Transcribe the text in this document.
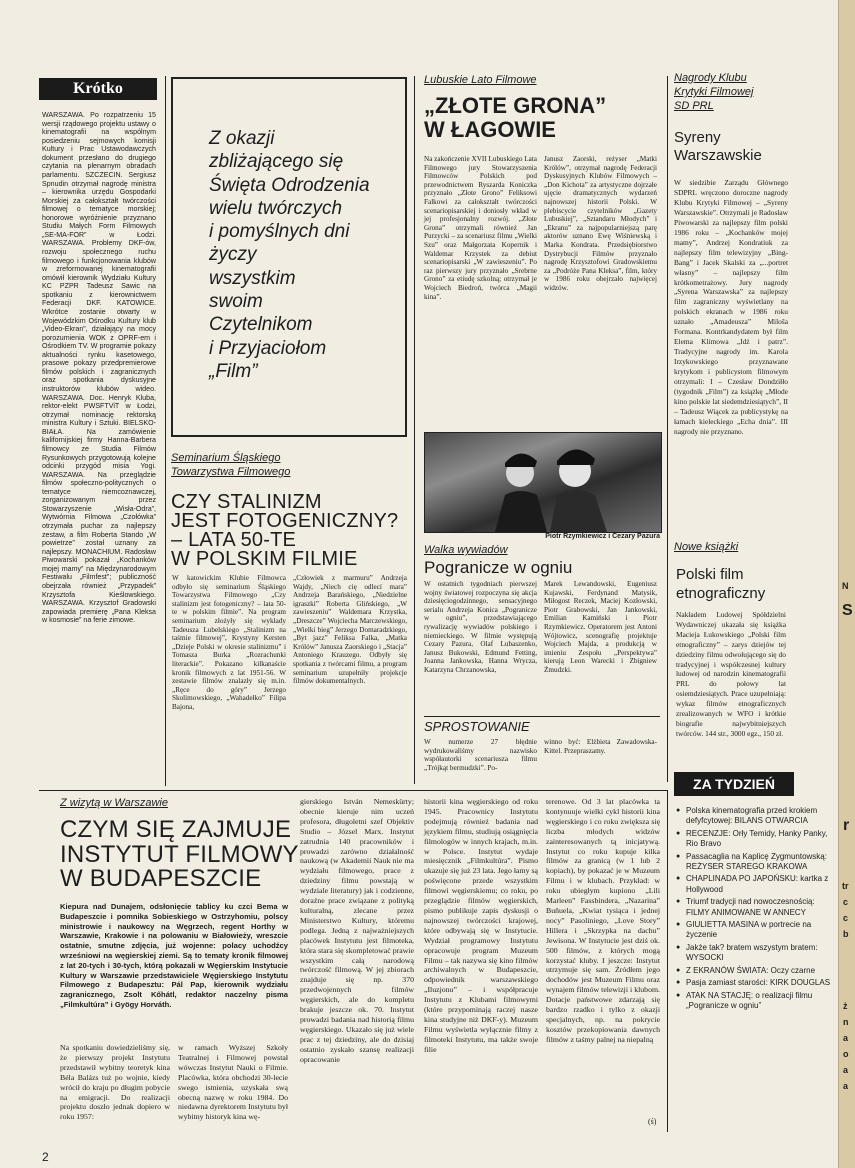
Krótko
WARSZAWA. Po rozpatrzeniu 15 wersji rządowego projektu ustawy o kinematografii na wspólnym posiedzeniu sejmowych komisji Kultury i Prac Ustawodawczych dokument przesłano do drugiego czytania na plenarnym obradach parlamentu. SZCZECIN. Sergiusz Spnudin otrzymał nagrodę ministra – kierownika urzędu Gospodarki Morskiej za całokształt twórczości filmowej o tematyce morskiej; honorowe wyróżnienie przyznano Studiu Małych Form Filmowych „SE-MA-FOR” w Łodzi. WARSZAWA. Problemy DKF-ów, rozwoju społecznego ruchu filmowego i funkcjonowania klubów w zreformowanej kinematografii omówił kierownik Wydziału Kultury KC PZPR Tadeusz Sawic na spotkaniu z kierownictwem Federacji DKF. KATOWICE. Wkrótce zostanie otwarty w Wojewódzkim Ośrodku Kultury klub „Video-Ekran”, działający na mocy porozumienia WOK z OPRF-em i Ośrodkiem TV. W programie pokazy aktualności rynku kasetowego, prasowe pokazy przedpremierowe filmów polskich i zagranicznych oraz spotkania dyskusyjne instruktorów klubów wideo. WARSZAWA. Doc. Henryk Kluba, rektor-elekt PWSFTViT w Łodzi, otrzymał nominację rektorską ministra Kultury i Sztuki. BIELSKO-BIAŁA. Na zamówienie kalifornijskiej firmy Hanna-Barbera filmowcy ze Studia Filmów Rysunkowych przygotowują kolejne odcinki przygód misia Yogi. WARSZAWA. Na przeglądzie filmów społeczno-politycznych o tematyce niemcoznawczej, zorganizowanym przez Stowarzyszenie „Wisła-Odra”, Wytwórnia Filmowa „Czołówka” otrzymała puchar za najlepszy zestaw, a film Roberta Stando „W powietrze” został uznany za najlepszy. MONACHIUM. Radosław Piwowarski pokazał „Kochanków mojej mamy” na Międzynarodowym Festiwalu „Filmfest”; publiczność obejrzała również „Przypadek” Krzysztofa Kieślowskiego. WARSZAWA. Krzysztof Gradowski zapowiada premierę „Pana Kleksa w kosmosie” na ferie zimowe.
Z okazji
zbliżającego się
Święta Odrodzenia
wielu twórczych
i pomyślnych dni
życzy
wszystkim
swoim
Czytelnikom
i Przyjaciołom
„Film”
Seminarium Śląskiego
Towarzystwa Filmowego
CZY STALINIZM
JEST FOTOGENICZNY?
– LATA 50-TE
W POLSKIM FILMIE
W katowickim Klubie Filmowca odbyło się seminarium Śląskiego Towarzystwa Filmowego „Czy stalinizm jest fotogeniczny? – lata 50-te w polskim filmie”. Na program seminarium złożyły się wykłady Tadeusza Lubelskiego „Stalinizm na taśmie filmowej”, Krystyny Kersten „Dzieje Polski w okresie stalinizmu” i Tomasza Burka „Rozrachunki literackie”. Pokazano kilkanaście kronik filmowych z lat 1951-56. W zestawie filmów znalazły się m.in. „Ręce do góry” Jerzego Skolimowskiego, „Wahadełko” Filipa Bajona,
„Człowiek z marmuru” Andrzeja Wajdy, „Niech cię odlecí mara” Andrzeja Barańskiego, „Niedzielne igraszki” Roberta Glińskiego, „W zawieszeniu” Waldemara Krzystka, „Dreszcze” Wojciecha Marczewskiego, „Wielki bieg” Jerzego Domaradzkiego, „Byt jazz” Feliksa Falka, „Matka Królów” Janusza Zaorskiego i „Stacja” Antoniego Krauzego. Odbyły się spotkania z twórcami filmu, a program seminarium uzupełniły projekcje filmów dokumentalnych.
Lubuskie Lato Filmowe
„ZŁOTE GRONA”
W ŁAGOWIE
Na zakończenie XVII Lubuskiego Lata Filmowego jury Stowarzyszenia Filmowców Polskich pod przewodnictwem Ryszarda Koniczka przyznało „Złote Grono” Feliksowi Falkowi za całokształt twórczości scenariopisarskiej i doniosły wkład w jej profesjonalny rozwój. „Złote Grona” otrzymali również Jan Purzycki – za scenariusz filmu „Wielki Szu” oraz Małgorzata Kopernik i Waldemar Krzystek za debiut scenariopisarski „W zawieszeniu”. Po raz pierwszy jury przyznało „Srebrne Grono” za etiudę szkolną; otrzymał je Wojciech Biedroń, twórca „Magii kina”.
Janusz Zaorski, reżyser „Matki Królów”, otrzymał nagrodę Federacji Dyskusyjnych Klubów Filmowych – „Don Kichota” za artystyczne dojrzałe ujęcie dramatycznych wydarzeń najnowszej historii Polski. W plebiscycie czytelników „Gazety Lubuskiej”, „Sztandaru Młodych” i „Ekranu” za najpopularniejszą parę aktorów uznano Ewę Wiśniewską i Marka Kondrata. Przedsiębiorstwo Dystrybucji Filmów przyznało nagrodę Krzysztofowi Gradowskiemu za „Podróże Pana Kleksa”, film, który w 1986 roku obejrzało najwięcej widzów.
Piotr Rzymkiewicz i Cezary Pazura
Walka wywiadów
Pogranicze w ogniu
W ostatnich tygodniach pierwszej wojny światowej rozpoczyna się akcja dziesięciogodzinnego, sensacyjnego serialu Andrzeja Konica „Pogranicze w ogniu”, przedstawiającego rywalizację wywiadów polskiego i niemieckiego. W filmie występują Cezary Pazura, Olaf Lubaszenko, Janusz Bukowski, Edmund Fetting, Joanna Jankowska, Hanna Wrycza, Katarzyna Chrzanowska,
Marek Lewandowski, Eugeniusz Kujawski, Ferdynand Matysik, Miłogost Reczek, Maciej Kozłowski, Piotr Grabowski, Jan Jankowski, Emilian Kamiński i Piotr Rzymkiewicz. Operatorem jest Antoni Wójtowicz, scenografię projektuje Wojciech Majda, a produkcją w imieniu Zespołu „Perspektywa” kierują Leon Warecki i Zbigniew Żmudzki.
SPROSTOWANIE
W numerze 27 błędnie wydrukowaliśmy nazwisko współautorki scenariusza filmu „Trójkąt bermudzki”. Po-
winno być: Elżbieta Zawadowska-Kittel. Przepraszamy.
Nagrody Klubu
Krytyki Filmowej
SD PRL
Syreny
Warszawskie
W siedzibie Zarządu Głównego SDPRL wręczono doroczne nagrody Klubu Krytyki Filmowej – „Syreny Warszawskie”. Otrzymali je Radosław Piwowarski za najlepszy film polski 1986 roku – „Kochanków mojej mamy”, Andrzej Kondratiuk za najlepszy film telewizyjny „Bing-Bang” i Jacek Skalski za „...portret własny” – najlepszy film krótkometrażowy. Jury nagrody „Syrena Warszawska” za najlepszy film zagraniczny wyświetlany na polskich ekranach w 1986 roku uznało „Amadeusza” Miloša Formana. Kontrkandydatem był film Elema Klimowa „Idź i patrz”. Tradycyjne nagrody im. Karola Irzykowskiego przyznawane krytykom i publicystom filmowym otrzymali: I – Czesław Dondziłło (tygodnik „Film”) za książkę „Młode kino polskie lat siedemdziesiątych”, II – Tadeusz Wiącek za publicystykę na łamach kieleckiego „Echa dnia”. III nagrody nie przyznano.
Nowe książki
Polski film
etnograficzny
Nakładem Ludowej Spółdzielni Wydawniczej ukazała się książka Macieja Łukowskiego „Polski film etnograficzny” – zarys dziejów tej dziedziny filmu odwołującego się do tradycyjnej i współczesnej kultury ludowej od narodzin kinematografii PRL do połowy lat osiemdziesiątych. Prace uzupełniają: wykaz filmów etnograficznych zrealizowanych w WFO i krótkie biografie najwybitniejszych twórców. 144 str., 3000 egz., 150 zł.
ZA TYDZIEŃ
● Polska kinematografia przed krokiem defyfcytowej: BILANS OTWARCIA
● RECENZJE: Orły Temidy, Hanky Panky, Rio Bravo
● Passacaglia na Kaplicę Zygmuntowską: REŻYSER STAREGO KRAKOWA
● CHAPLINADA PO JAPOŃSKU: kartka z Hollywood
● Triumf tradycji nad nowoczesnością: FILMY ANIMOWANE W ANNECY
● GIULIETTA MASINA w portrecie na życzenie
● Jakże tak? bratem wszystym bratem: WYSOCKI
● Z EKRANÓW ŚWIATA: Oczy czarne
● Pasja zamiast starości: KIRK DOUGLAS
● ATAK NA STACJĘ: o realizacji filmu „Pogranicze w ogniu”
Z wizytą w Warszawie
CZYM SIĘ ZAJMUJE
INSTYTUT FILMOWY
W BUDAPESZCIE
Kiepura nad Dunajem, odsłonięcie tablicy ku czci Bema w Budapeszcie i pomnika Sobieskiego w Ostrzyhomiu, polscy ministrowie i naukowcy na Węgrzech, regent Horthy w Warszawie, Krakowie i na polowaniu w Białowieży, wreszcie ostatnie, smutne zdjęcia, już wojenne: polacy uchodźcy wrześniowi na węgierskiej ziemi. Są to tematy kronik filmowej z lat 20-tych i 30-tych, którą pokazali w Węgierskim Instytucie Kultury w Warszawie przedstawiciele Węgierskiego Instytutu Filmowego z Budapesztu: Pál Pap, kierownik wydziału zagranicznego, Zsolt Kőhátl, redaktor naczelny pisma „Filmkultúra” i Gyögy Horváth.
Na spotkaniu dowiedzieliśmy się, że pierwszy projekt Instytutu przedstawił wybitny teoretyk kina Béla Balázs tuż po wojnie, kiedy wrócił do kraju po długim pobycie na emigracji. Do realizacji projektu doszło jednak dopiero w roku 1957:
w ramach Wyższej Szkoły Teatralnej i Filmowej powstał wówczas Instytut Nauki o Filmie. Placówka, która obchodzi 30-lecie swego istnienia, uzyskała swą obecną nazwę w roku 1984. Do niedawna dyrektorem Instytutu był wybitny historyk kina wę-
gierskiego István Nemeskürty; obecnie kieruje nim uczeń profesora, długoletni szef Objektiv Studio – Józsel Marx. Instytut zatrudnia 140 pracowników i prowadzi zarówno działalność naukową (w Akademii Nauk nie ma wydziału filmowego, prace z dziedziny filmu powstają w wydziale literatury) jak i codzienne, doraźne prace związane z polityką kulturalną, zlecane przez Ministerstwo Kultury, któremu podlega. Jedną z najważniejszych placówek Instytutu jest filmoteka, która stara się skompletować prawie wszystkim całą narodową twórczość filmową. W jej zbiorach znajduje się np. 370 przedwojennych filmów węgierskich, ale do kompletu brakuje jeszcze ok. 70. Instytut prowadzi badania nad historią filmu węgierskiego. Ukazało się już wiele prac z tej dziedziny, ale do dzisiaj ostatnio zyskało szansę realizacji opracowanie
historii kina węgierskiego od roku 1945. Pracownicy Instytutu podejmują również badania nad językiem filmu, studiują osiągnięcia filmologów w innych krajach, m.in. w Polsce. Instytut wydaje miesięcznik „Filmkultúra”. Pismo ukazuje się już 23 lata. Jego łamy są poświęcone przede wszystkim filmowi węgierskiemu; co roku, po przeglądzie filmów węgierskich, pismo publikuje zapis dyskusji o najnowszej twórczości krajowej, które odbywają się w Instytucie. Wydział programowy Instytutu opracowuje program Muzeum Filmu – tak nazywa się kino filmów archiwalnych w Budapeszcie, odpowiednik warszawskiego „Iluzjonu” – i współpracuje Instytutu z Klubami filmowymi (które przypominają raczej nasze kina studyjne niż DKF-y). Muzeum Filmu wyświetla wyłącznie filmy z filmoteki Instytutu, ma także swoje filie
terenowe. Od 3 lat placówka ta kontynuuje wielki cykl historii kina węgierskiego i co roku zwiększa się liczba młodych widzów zainteresowanych tą inicjatywą. Instytut co roku kupuje kilka filmów za granicą (w 1 lub 2 kopiach), by pokazać je w Muzeum Filmu i w klubach. Przykład: w roku ubiegłym kupiono „Lili Marleen” Fassbindera, „Nazarina” Buñuela, „Kwiat tysiąca i jednej nocy” Pasoliniego, „Love Story” Hillera i „Skrzypka na dachu” Jewisona. W Instytucie jest dziś ok. 500 filmów, z których mogą korzystać kluby. I jeszcze: Instytut utrzymuje się sam. Źródłem jego dochodów jest Muzeum Filmu oraz wynajem filmów telewizji i klubom. Dotacje państwowe zdarzają się bardzo rzadko i tylko z okazji specjalnych, np. na pokrycie kosztów przekopiowania dawnych filmów z taśmy palnej na niepalną
(ś)
2
N
S
r
tr
c
c
b
ż
n
a
o
a
a
